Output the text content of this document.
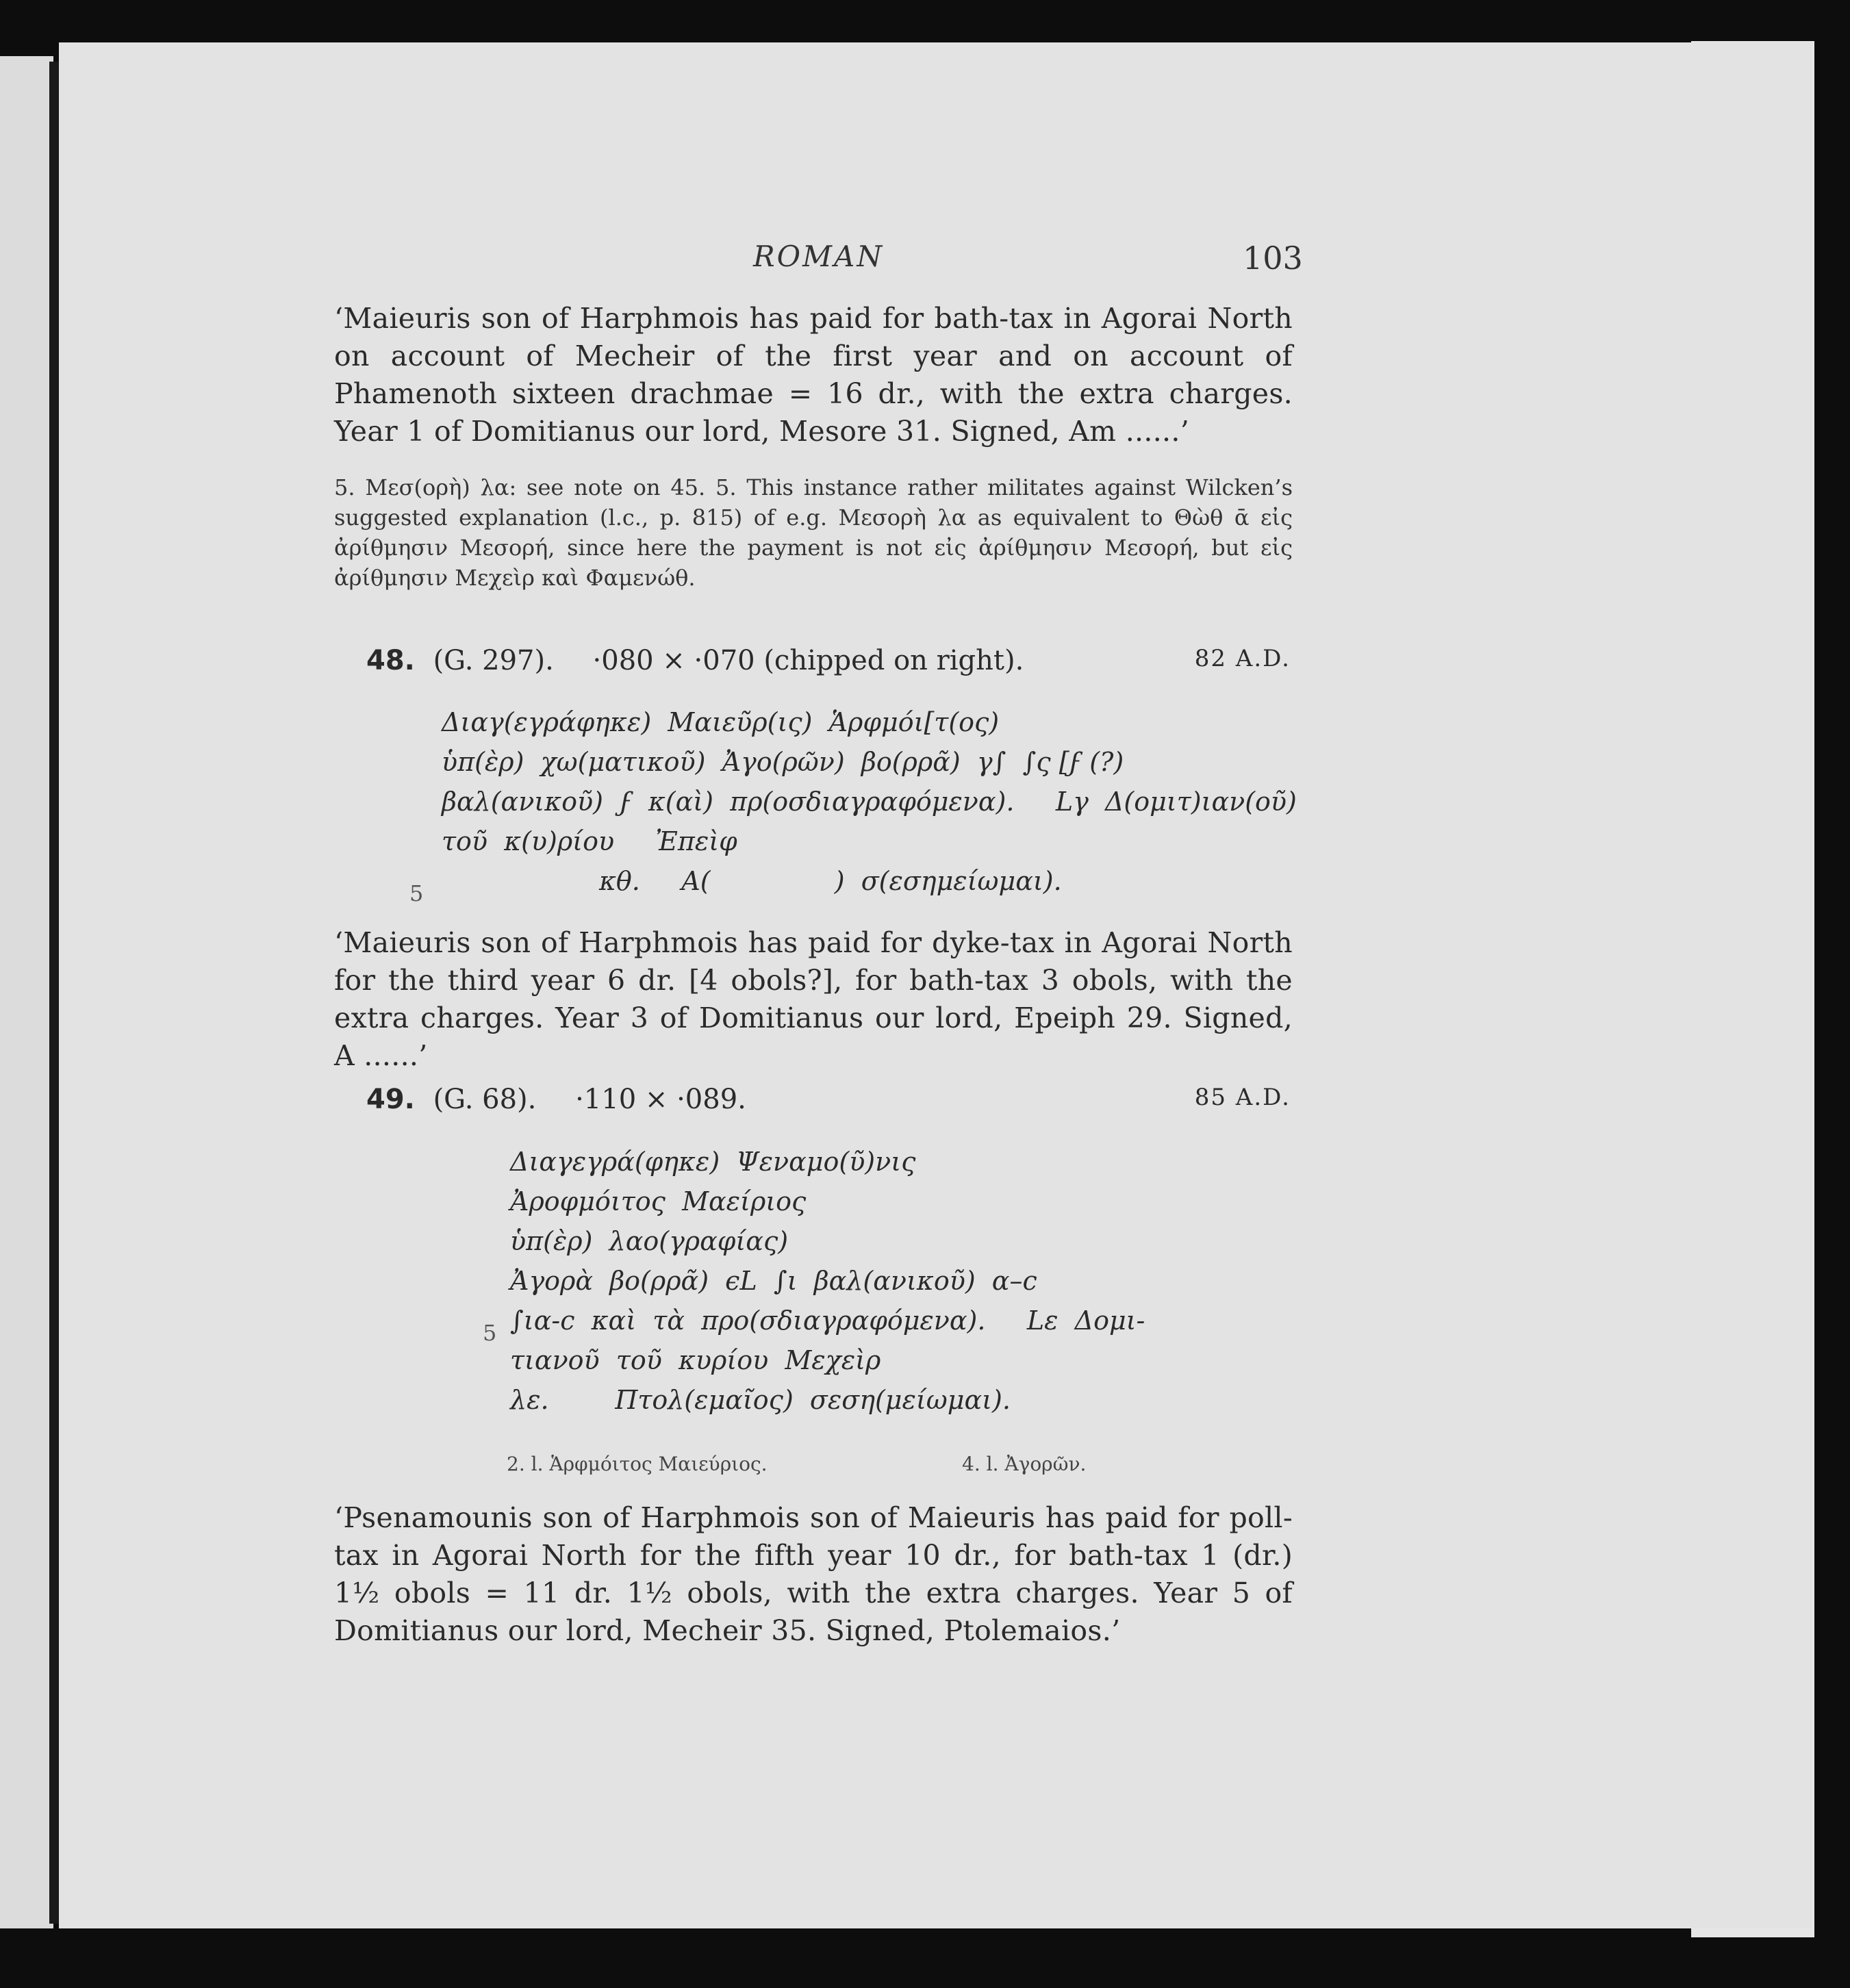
ROMAN	103

‘Maieuris son of Harphmois has paid for bath-tax in Agorai North on account of Mecheir of the first year and on account of Phamenoth sixteen drachmae = 16 dr., with the extra charges. Year 1 of Domitianus our lord, Mesore 31. Signed, Am ......’

5. Μεσ(ορὴ) λα: see note on 45. 5. This instance rather militates against Wilcken’s suggested explanation (l.c., p. 815) of e.g. Μεσορὴ λα as equivalent to Θὼθ ᾱ εἰς ἀρίθμησιν Μεσορή, since here the payment is not εἰς ἀρίθμησιν Μεσορή, but εἰς ἀρίθμησιν Μεχεὶρ καὶ Φαμενώθ.

48. (G. 297). ·080 × ·070 (chipped on right).	82 A.D.
Διαγ(εγράφηκε)  Μαιεῦρ(ις)  Ἁρφμόι[τ(ος)
ὑπ(ὲρ)  χω(ματικοῦ)  Ἀγο(ρῶν)  βο(ρρᾶ)  γ∫  ∫ς [ϝ (?)
βαλ(ανικοῦ)  ϝ  κ(αὶ)  πρ(οσδιαγραφόμενα).     Lγ  Δ(ομιτ)ιαν(οῦ)
τοῦ  κ(υ)ρίου     Ἐπεὶφ
κθ.     Α(               )  σ(εσημείωμαι).
5

‘Maieuris son of Harphmois has paid for dyke-tax in Agorai North for the third year 6 dr. [4 obols?], for bath-tax 3 obols, with the extra charges. Year 3 of Domitianus our lord, Epeiph 29. Signed, A ......’

49. (G. 68). ·110 × ·089.	85 A.D.
Διαγεγρά(φηκε)  Ψεναμο(ῦ)νις
Ἀροφμόιτος  Μαείριος
ὑπ(ὲρ)  λαο(γραφίας)
Ἀγορὰ  βο(ρρᾶ)  ϵL  ∫ι  βαλ(ανικοῦ)  α–c
∫ια-c  καὶ  τὰ  προ(σδιαγραφόμενα).     Lε  Δομι-
τιανοῦ  τοῦ  κυρίου  Μεχεὶρ
λε.        Πτολ(εμαῖος)  σεση(μείωμαι).
5
2. l. Ἁρφμόιτος Μαιεύριος.	4. l. Ἀγορῶν.

‘Psenamounis son of Harphmois son of Maieuris has paid for poll-tax in Agorai North for the fifth year 10 dr., for bath-tax 1 (dr.) 1½ obols = 11 dr. 1½ obols, with the extra charges. Year 5 of Domitianus our lord, Mecheir 35. Signed, Ptolemaios.’
